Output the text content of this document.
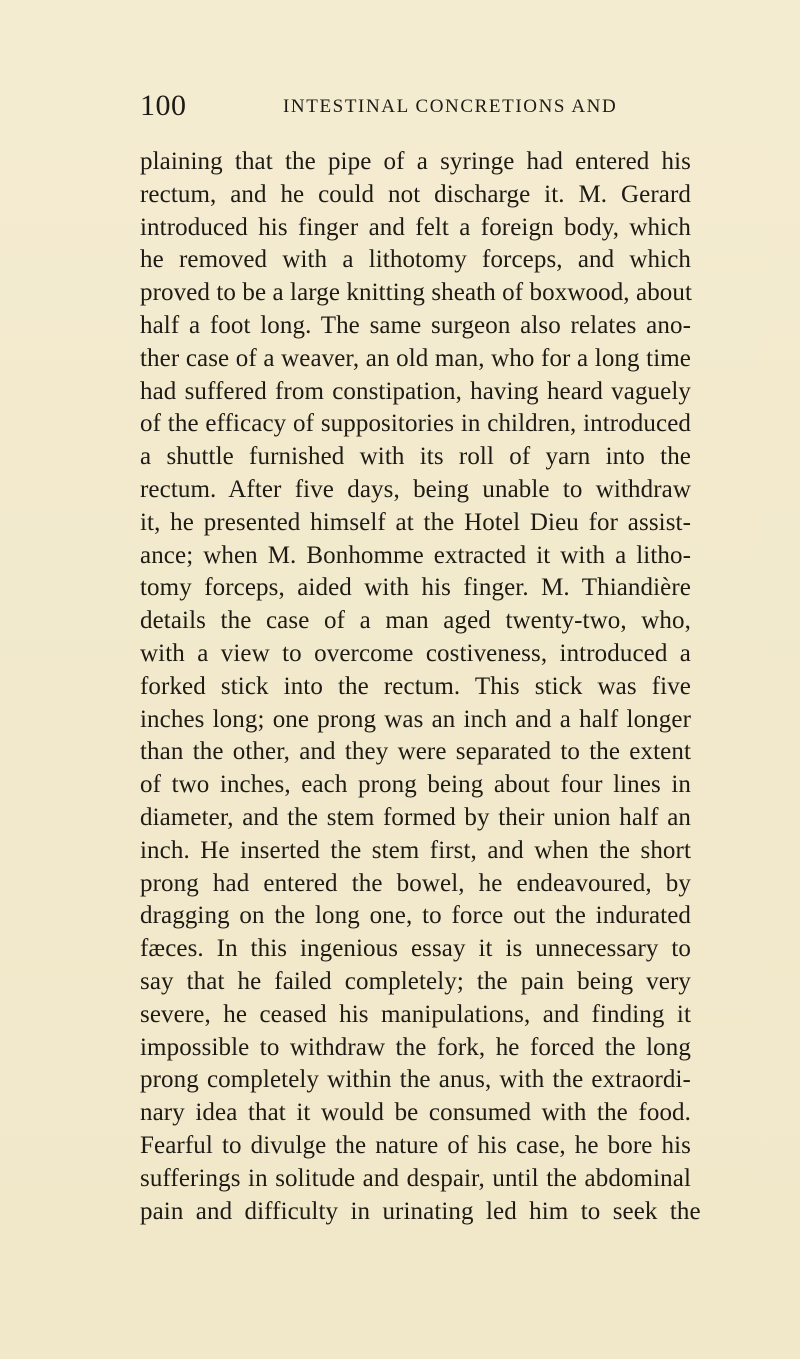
100	INTESTINAL CONCRETIONS AND
plaining that the pipe of a syringe had entered his
rectum, and he could not discharge it. M. Gerard
introduced his finger and felt a foreign body, which
he removed with a lithotomy forceps, and which
proved to be a large knitting sheath of boxwood, about
half a foot long. The same surgeon also relates ano-
ther case of a weaver, an old man, who for a long time
had suffered from constipation, having heard vaguely
of the efficacy of suppositories in children, introduced
a shuttle furnished with its roll of yarn into the
rectum. After five days, being unable to withdraw
it, he presented himself at the Hotel Dieu for assist-
ance; when M. Bonhomme extracted it with a litho-
tomy forceps, aided with his finger. M. Thiandière
details the case of a man aged twenty-two, who,
with a view to overcome costiveness, introduced a
forked stick into the rectum. This stick was five
inches long; one prong was an inch and a half longer
than the other, and they were separated to the extent
of two inches, each prong being about four lines in
diameter, and the stem formed by their union half an
inch. He inserted the stem first, and when the short
prong had entered the bowel, he endeavoured, by
dragging on the long one, to force out the indurated
fæces. In this ingenious essay it is unnecessary to
say that he failed completely; the pain being very
severe, he ceased his manipulations, and finding it
impossible to withdraw the fork, he forced the long
prong completely within the anus, with the extraordi-
nary idea that it would be consumed with the food.
Fearful to divulge the nature of his case, he bore his
sufferings in solitude and despair, until the abdominal
pain and difficulty in urinating led him to seek the
